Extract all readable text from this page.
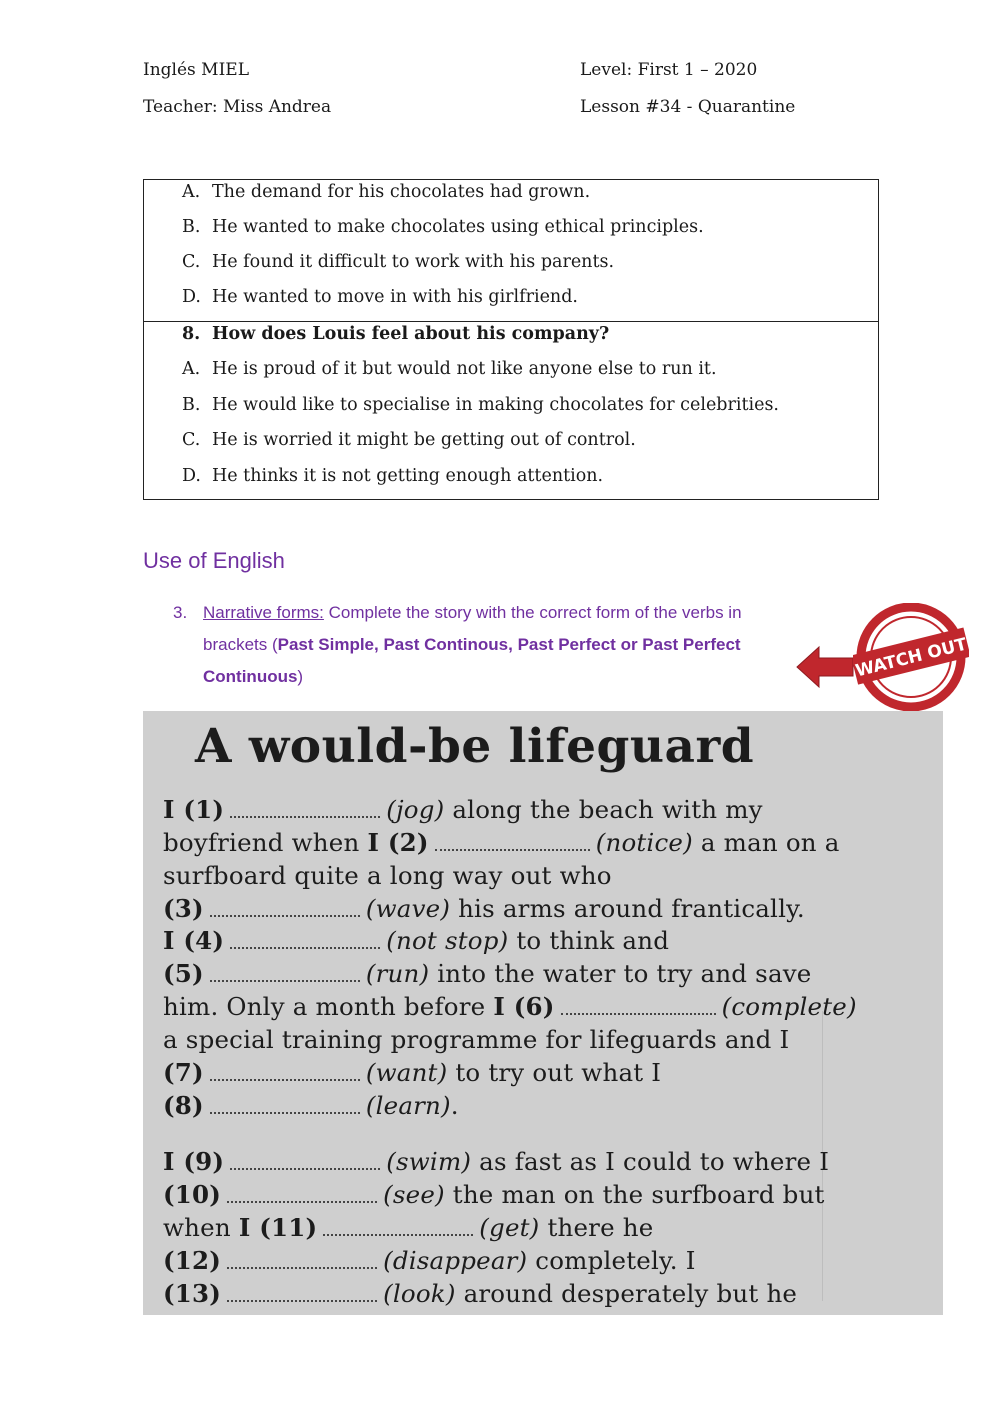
Inglés MIEL
Teacher: Miss Andrea
Level: First 1 – 2020
Lesson #34 - Quarantine
A. The demand for his chocolates had grown.
B. He wanted to make chocolates using ethical principles.
C. He found it difficult to work with his parents.
D. He wanted to move in with his girlfriend.
8. How does Louis feel about his company?
A. He is proud of it but would not like anyone else to run it.
B. He would like to specialise in making chocolates for celebrities.
C. He is worried it might be getting out of control.
D. He thinks it is not getting enough attention.
Use of English
3. Narrative forms: Complete the story with the correct form of the verbs in
brackets (Past Simple, Past Continous, Past Perfect or Past Perfect
Continuous)	WATCH OUT
A would-be lifeguard
I (1)	(jog) along the beach with my
boyfriend when I (2)	(notice) a man on a
surfboard quite a long way out who
(3)	(wave) his arms around frantically.
I (4)	(not stop) to think and
(5)	(run) into the water to try and save
him. Only a month before I (6)	(complete)
a special training programme for lifeguards and I
(7)	(want) to try out what I
(8)	(learn).
I (9)	(swim) as fast as I could to where I
(10)	(see) the man on the surfboard but
when I (11)	(get) there he
(12)	(disappear) completely. I
(13)	(look) around desperately but he
